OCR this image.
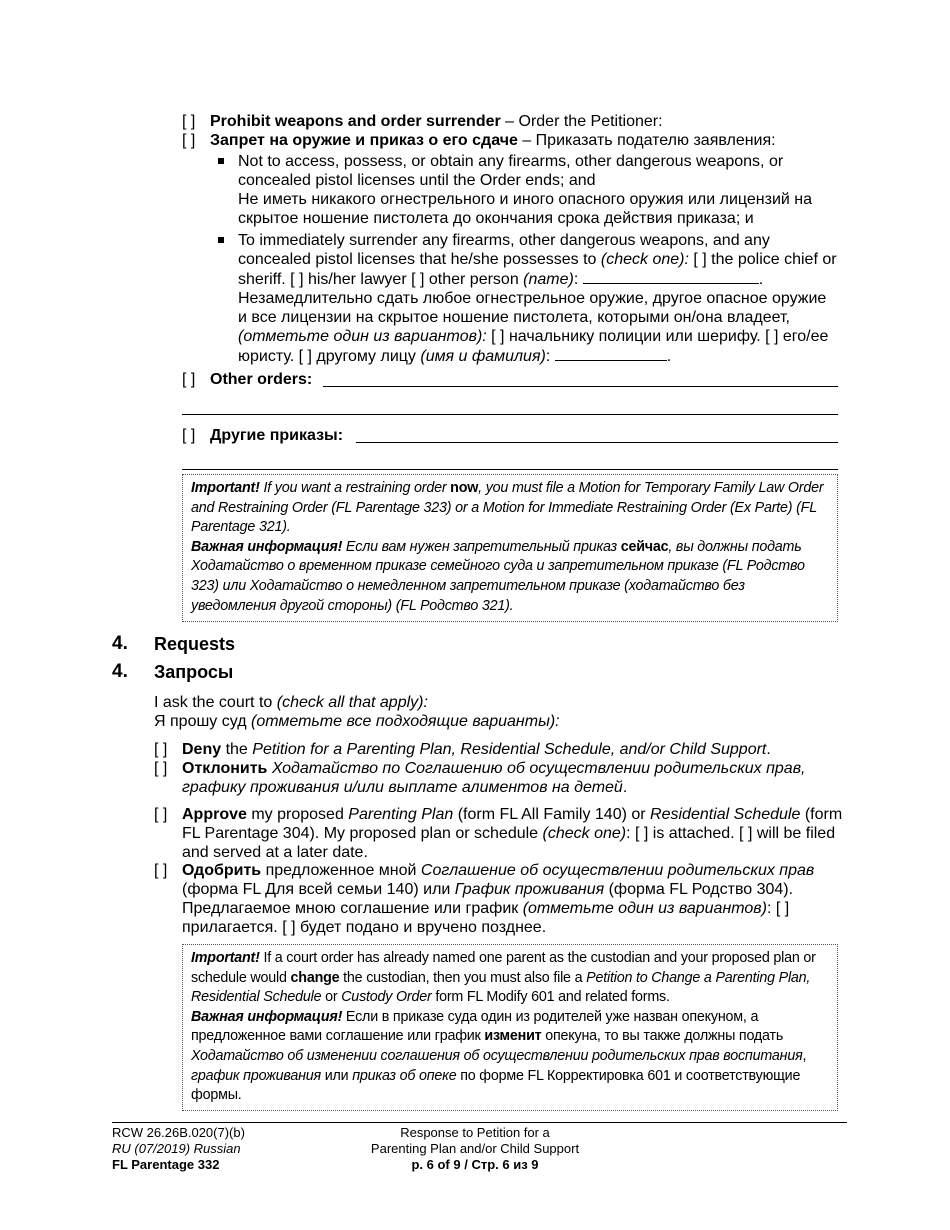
[ ] Prohibit weapons and order surrender – Order the Petitioner:
[ ] Запрет на оружие и приказ о его сдаче – Приказать подателю заявления:
Not to access, possess, or obtain any firearms, other dangerous weapons, or concealed pistol licenses until the Order ends; and
Не иметь никакого огнестрельного и иного опасного оружия или лицензий на скрытое ношение пистолета до окончания срока действия приказа; и
To immediately surrender any firearms, other dangerous weapons, and any concealed pistol licenses that he/she possesses to (check one): [ ] the police chief or sheriff. [ ] his/her lawyer [ ] other person (name):	.
Незамедлительно сдать любое огнестрельное оружие, другое опасное оружие и все лицензии на скрытое ношение пистолета, которыми он/она владеет, (отметьте один из вариантов): [ ] начальнику полиции или шерифу. [ ] его/ее юристу. [ ] другому лицу (имя и фамилия):	.
[ ] Other orders:
[ ] Другие приказы:
Important! If you want a restraining order now, you must file a Motion for Temporary Family Law Order and Restraining Order (FL Parentage 323) or a Motion for Immediate Restraining Order (Ex Parte) (FL Parentage 321).
Важная информация! Если вам нужен запретительный приказ сейчас, вы должны подать Ходатайство о временном приказе семейного суда и запретительном приказе (FL Родство 323) или Ходатайство о немедленном запретительном приказе (ходатайство без уведомления другой стороны) (FL Родство 321).
4. Requests
4. Запросы
I ask the court to (check all that apply):
Я прошу суд (отметьте все подходящие варианты):
[ ] Deny the Petition for a Parenting Plan, Residential Schedule, and/or Child Support.
[ ] Отклонить Ходатайство по Соглашению об осуществлении родительских прав, графику проживания и/или выплате алиментов на детей.
[ ] Approve my proposed Parenting Plan (form FL All Family 140) or Residential Schedule (form FL Parentage 304). My proposed plan or schedule (check one): [ ] is attached. [ ] will be filed and served at a later date.
[ ] Одобрить предложенное мной Соглашение об осуществлении родительских прав (форма FL Для всей семьи 140) или График проживания (форма FL Родство 304). Предлагаемое мною соглашение или график (отметьте один из вариантов): [ ] прилагается. [ ] будет подано и вручено позднее.
Important! If a court order has already named one parent as the custodian and your proposed plan or schedule would change the custodian, then you must also file a Petition to Change a Parenting Plan, Residential Schedule or Custody Order form FL Modify 601 and related forms.
Важная информация! Если в приказе суда один из родителей уже назван опекуном, а предложенное вами соглашение или график изменит опекуна, то вы также должны подать Ходатайство об изменении соглашения об осуществлении родительских прав воспитания, график проживания или приказ об опеке по форме FL Корректировка 601 и соответствующие формы.
RCW 26.26B.020(7)(b)
RU (07/2019) Russian
FL Parentage 332
Response to Petition for a
Parenting Plan and/or Child Support
p. 6 of 9 / Стр. 6 из 9
